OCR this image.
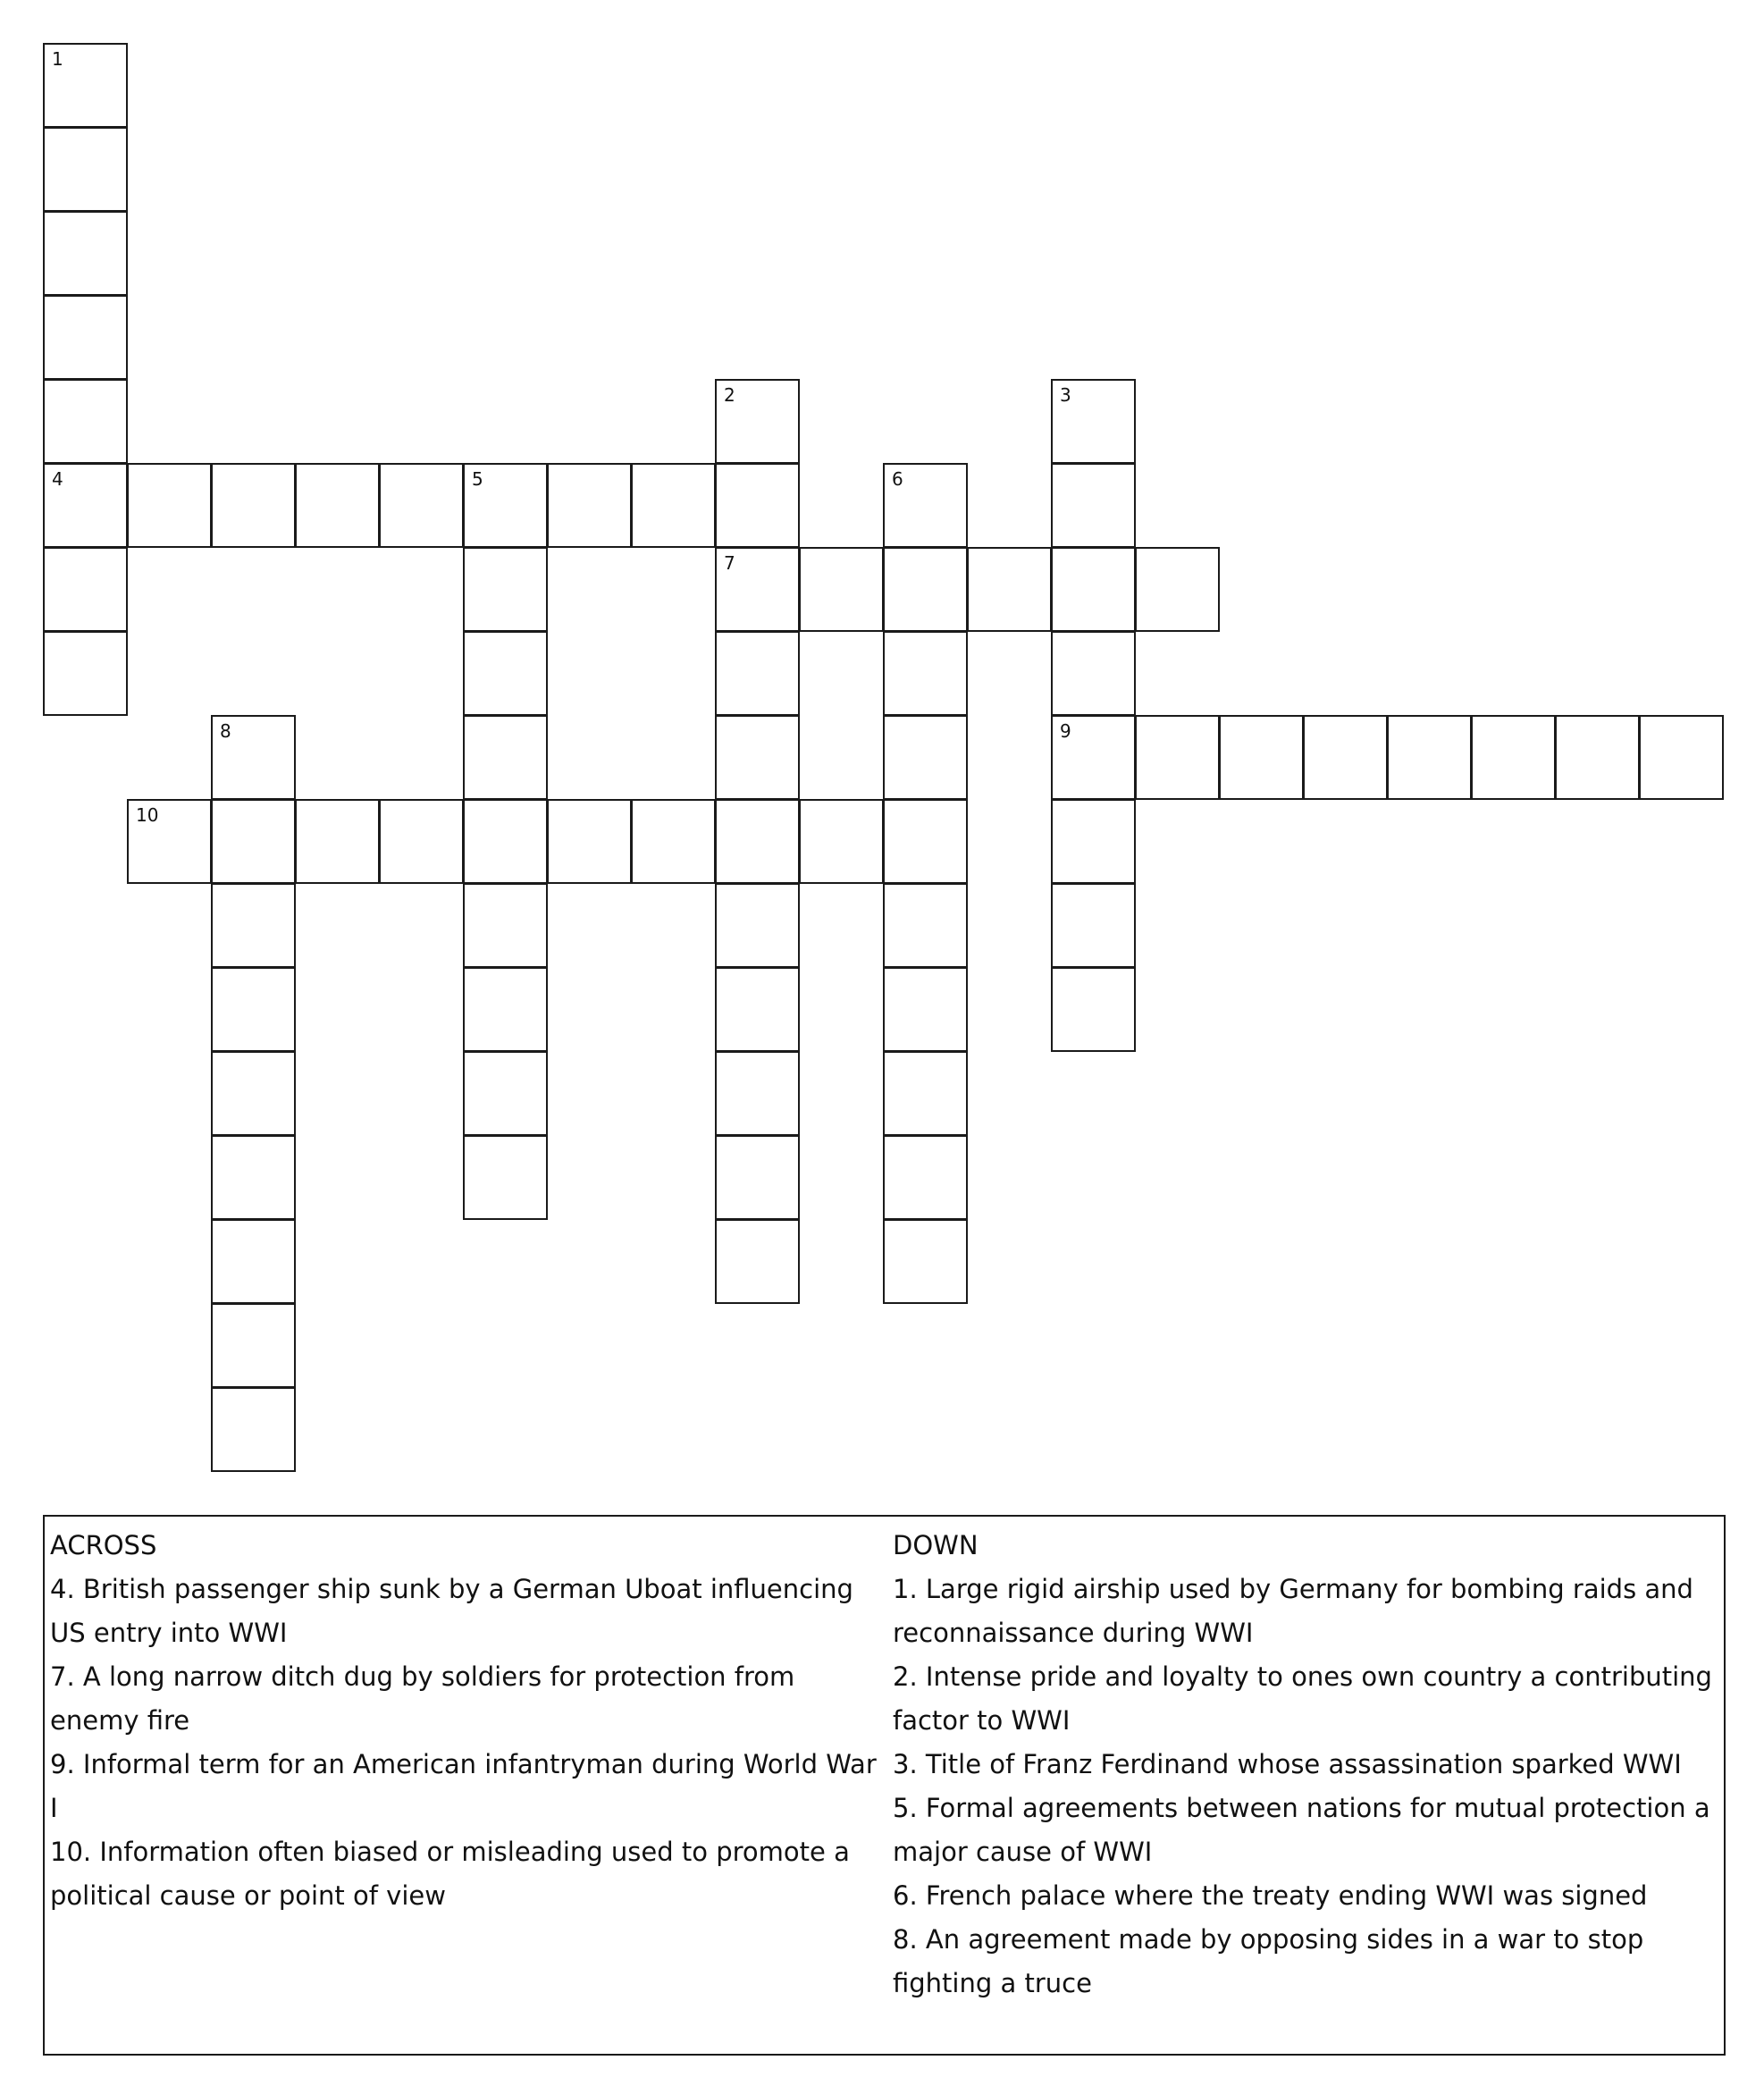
1
4
2
7
3
9
5	6
8
10
ACROSS
4. British passenger ship sunk by a German Uboat influencing US entry into WWI
7. A long narrow ditch dug by soldiers for protection from enemy fire
9. Informal term for an American infantryman during World War I
10. Information often biased or misleading used to promote a political cause or point of view
DOWN
1. Large rigid airship used by Germany for bombing raids and reconnaissance during WWI
2. Intense pride and loyalty to ones own country a contributing factor to WWI
3. Title of Franz Ferdinand whose assassination sparked WWI
5. Formal agreements between nations for mutual protection a major cause of WWI
6. French palace where the treaty ending WWI was signed
8. An agreement made by opposing sides in a war to stop fighting a truce
